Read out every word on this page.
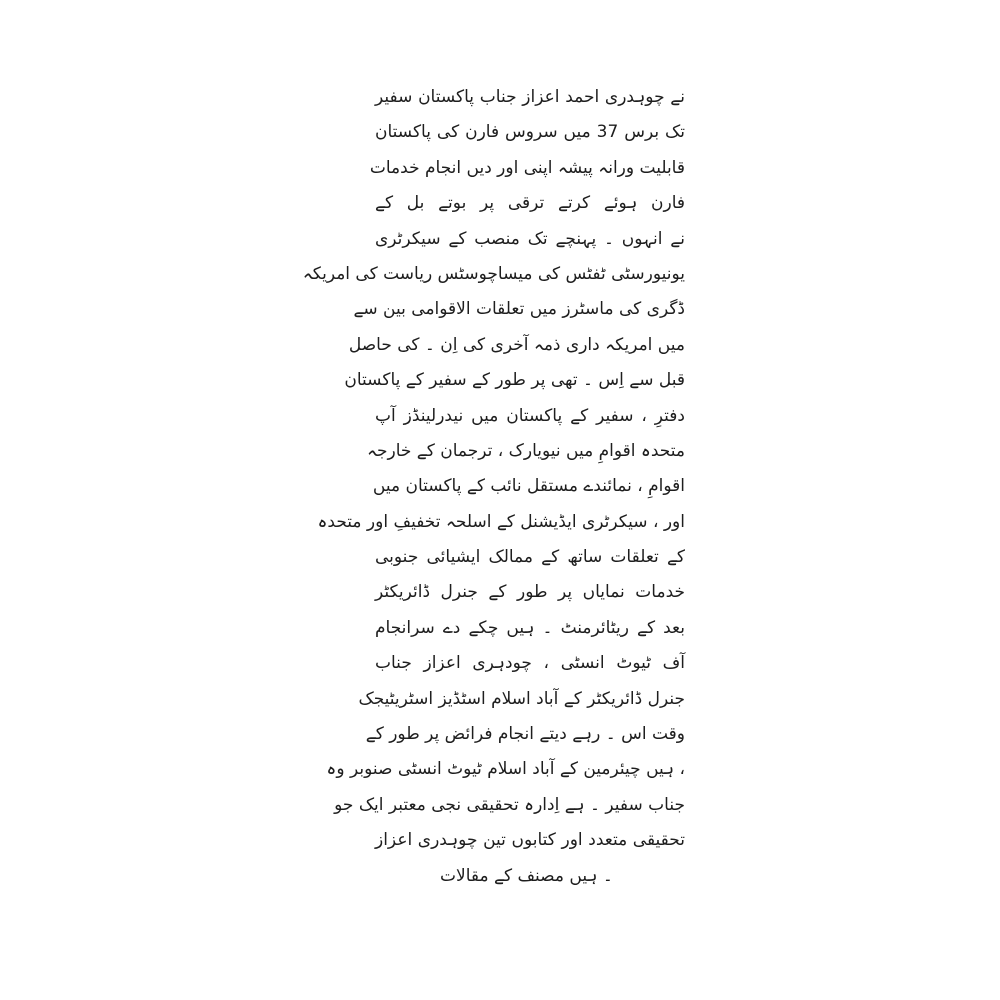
نے چوہدری احمد اعزاز جناب پاکستان سفیر
تک برس 37 میں سروس فارن کی پاکستان
قابلیت ورانہ پیشہ اپنی اور دیں انجام خدمات
فارن ہوئے کرتے ترقی پر بوتے بل کے
نے انہوں ۔ پہنچے تک منصب کے سیکرٹری
یونیورسٹی ٹفٹس کی میساچوسٹس ریاست کی امریکہ
ڈگری کی ماسٹرز میں تعلقات الاقوامی بین سے
میں امریکہ داری ذمہ آخری کی اِن ۔ کی حاصل
قبل سے اِس ۔ تھی پر طور کے سفیر کے پاکستان
دفترِ ، سفیر کے پاکستان میں نیدرلینڈز آپ
متحدہ اقوامِ میں نیویارک ، ترجمان کے خارجہ
اقوامِ ، نمائندے مستقل نائب کے پاکستان میں
اور ، سیکرٹری ایڈیشنل کے اسلحہ تخفیفِ اور متحدہ
کے تعلقات ساتھ کے ممالک ایشیائی جنوبی
خدمات نمایاں پر طور کے جنرل ڈائریکٹر
بعد کے ریٹائرمنٹ ۔ ہیں چکے دے سرانجام
آف ٹیوٹ انسٹی ، چودہری اعزاز جناب
جنرل ڈائریکٹر کے آباد اسلام اسٹڈیز اسٹریٹیجک
وقت اس ۔ رہے دیتے انجام فرائض پر طور کے
، ہیں چیئرمین کے آباد اسلام ٹیوٹ انسٹی صنوبر وہ
جناب سفیر ۔ ہے اِدارہ تحقیقی نجی معتبر ایک جو
تحقیقی متعدد اور کتابوں تین چوہدری اعزاز
۔ ہیں مصنف کے مقالات
